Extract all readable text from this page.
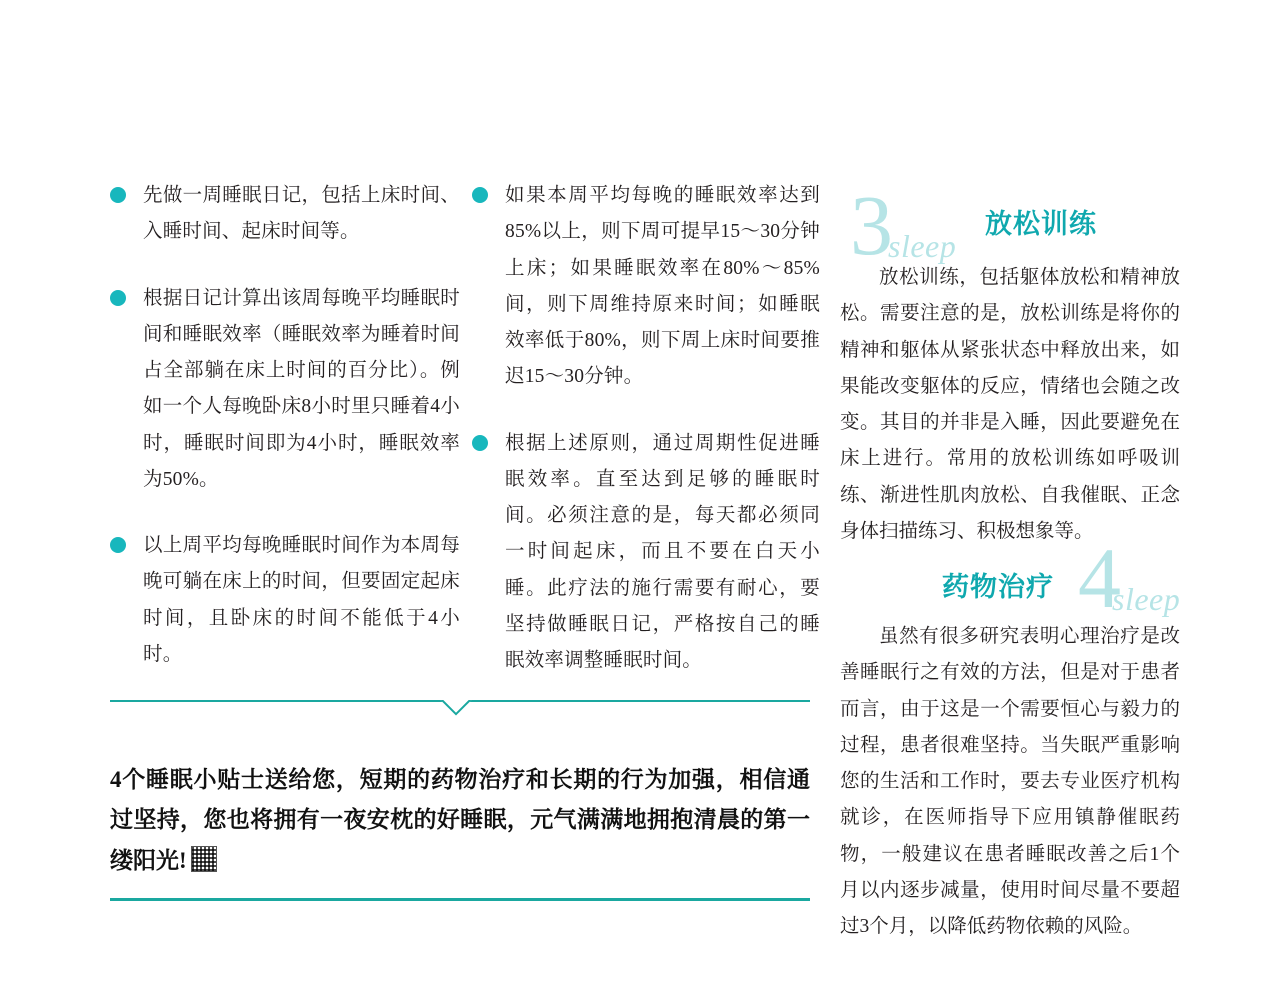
先做一周睡眠日记，包括上床时间、入睡时间、起床时间等。
根据日记计算出该周每晚平均睡眠时间和睡眠效率（睡眠效率为睡着时间占全部躺在床上时间的百分比）。例如一个人每晚卧床8小时里只睡着4小时，睡眠时间即为4小时，睡眠效率为50%。
以上周平均每晚睡眠时间作为本周每晚可躺在床上的时间，但要固定起床时间，且卧床的时间不能低于4小时。
如果本周平均每晚的睡眠效率达到85%以上，则下周可提早15～30分钟上床；如果睡眠效率在80%～85%间，则下周维持原来时间；如睡眠效率低于80%，则下周上床时间要推迟15～30分钟。
根据上述原则，通过周期性促进睡眠效率。直至达到足够的睡眠时间。必须注意的是，每天都必须同一时间起床，而且不要在白天小睡。此疗法的施行需要有耐心，要坚持做睡眠日记，严格按自己的睡眠效率调整睡眠时间。
3
sleep
放松训练

放松训练，包括躯体放松和精神放松。需要注意的是，放松训练是将你的精神和躯体从紧张状态中释放出来，如果能改变躯体的反应，情绪也会随之改变。其目的并非是入睡，因此要避免在床上进行。常用的放松训练如呼吸训练、渐进性肌肉放松、自我催眠、正念身体扫描练习、积极想象等。

药物治疗 4
sleep

虽然有很多研究表明心理治疗是改善睡眠行之有效的方法，但是对于患者而言，由于这是一个需要恒心与毅力的过程，患者很难坚持。当失眠严重影响您的生活和工作时，要去专业医疗机构就诊，在医师指导下应用镇静催眠药物，一般建议在患者睡眠改善之后1个月以内逐步减量，使用时间尽量不要超过3个月，以降低药物依赖的风险。

4个睡眠小贴士送给您，短期的药物治疗和长期的行为加强，相信通过坚持，您也将拥有一夜安枕的好睡眠，元气满满地拥抱清晨的第一缕阳光!
